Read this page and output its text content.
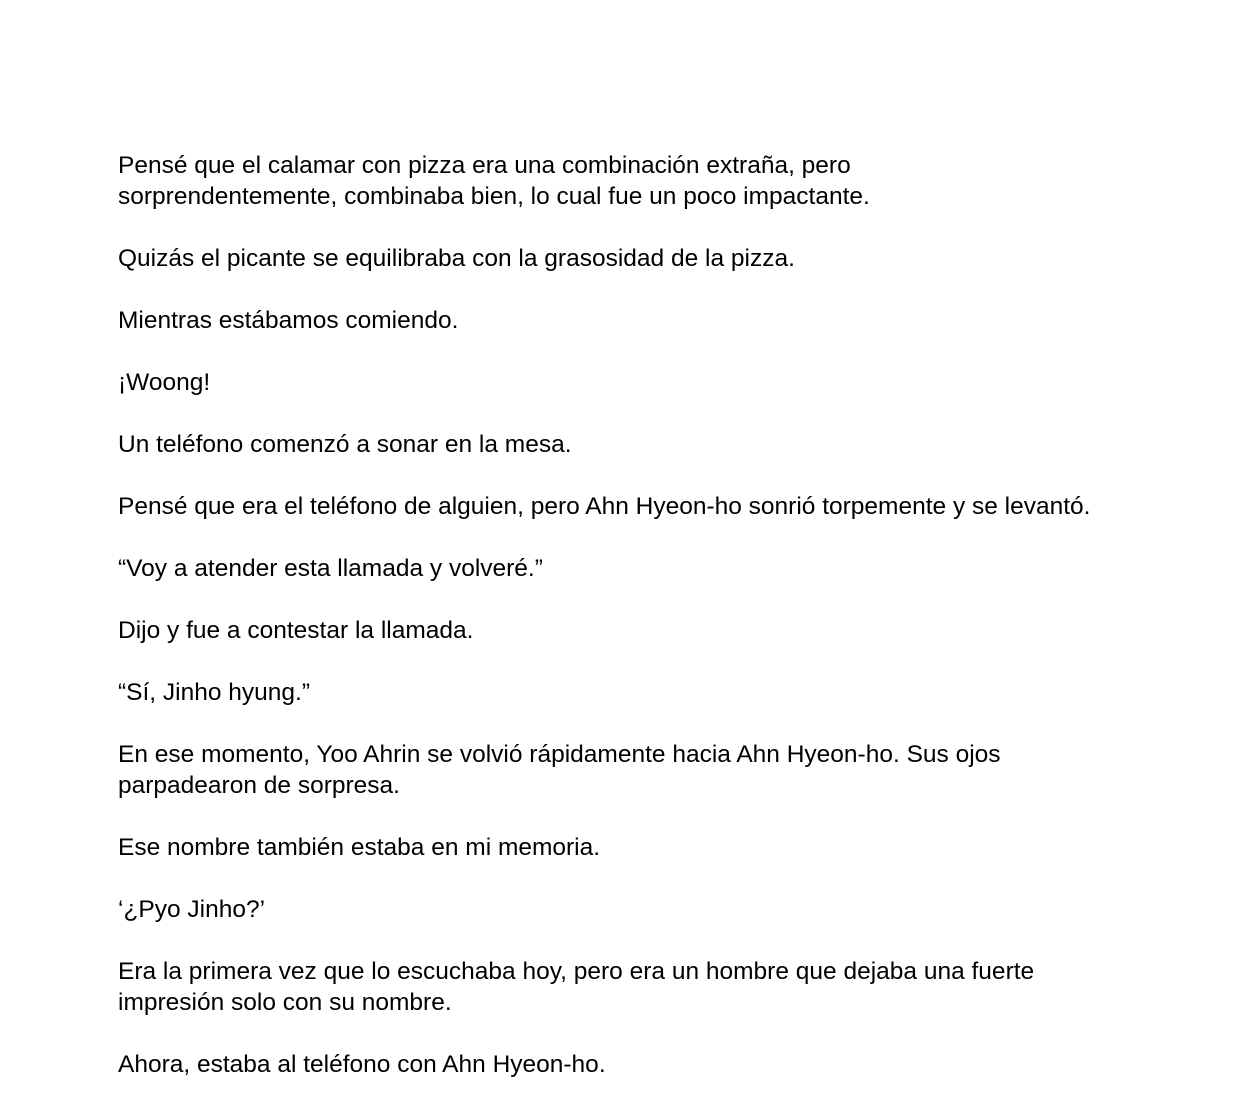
Pensé que el calamar con pizza era una combinación extraña, pero sorprendentemente, combinaba bien, lo cual fue un poco impactante.

Quizás el picante se equilibraba con la grasosidad de la pizza.

Mientras estábamos comiendo.

¡Woong!

Un teléfono comenzó a sonar en la mesa.

Pensé que era el teléfono de alguien, pero Ahn Hyeon-ho sonrió torpemente y se levantó.

“Voy a atender esta llamada y volveré.”

Dijo y fue a contestar la llamada.

“Sí, Jinho hyung.”

En ese momento, Yoo Ahrin se volvió rápidamente hacia Ahn Hyeon-ho. Sus ojos parpadearon de sorpresa.

Ese nombre también estaba en mi memoria.

‘¿Pyo Jinho?’

Era la primera vez que lo escuchaba hoy, pero era un hombre que dejaba una fuerte impresión solo con su nombre.

Ahora, estaba al teléfono con Ahn Hyeon-ho.
